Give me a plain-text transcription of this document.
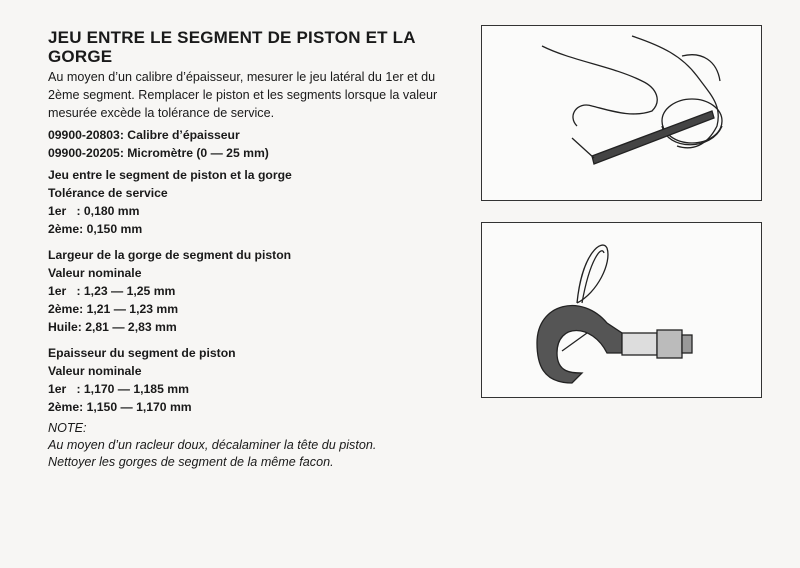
JEU ENTRE LE SEGMENT DE PISTON ET LA GORGE
Au moyen d’un calibre d’épaisseur, mesurer le jeu latéral du 1er et du 2ème segment. Remplacer le piston et les segments lorsque la valeur mesurée excède la tolérance de service.
09900-20803: Calibre d’épaisseur
09900-20205: Micromètre (0 — 25 mm)
Jeu entre le segment de piston et la gorge
Tolérance de service
1er   : 0,180 mm
2ème: 0,150 mm
Largeur de la gorge de segment du piston
Valeur nominale
1er   : 1,23 — 1,25 mm
2ème: 1,21 — 1,23 mm
Huile: 2,81 — 2,83 mm
Epaisseur du segment de piston
Valeur nominale
1er   : 1,170 — 1,185 mm
2ème: 1,150 — 1,170 mm
NOTE:
Au moyen d’un racleur doux, décalaminer la tête du piston.
Nettoyer les gorges de segment de la même facon.
